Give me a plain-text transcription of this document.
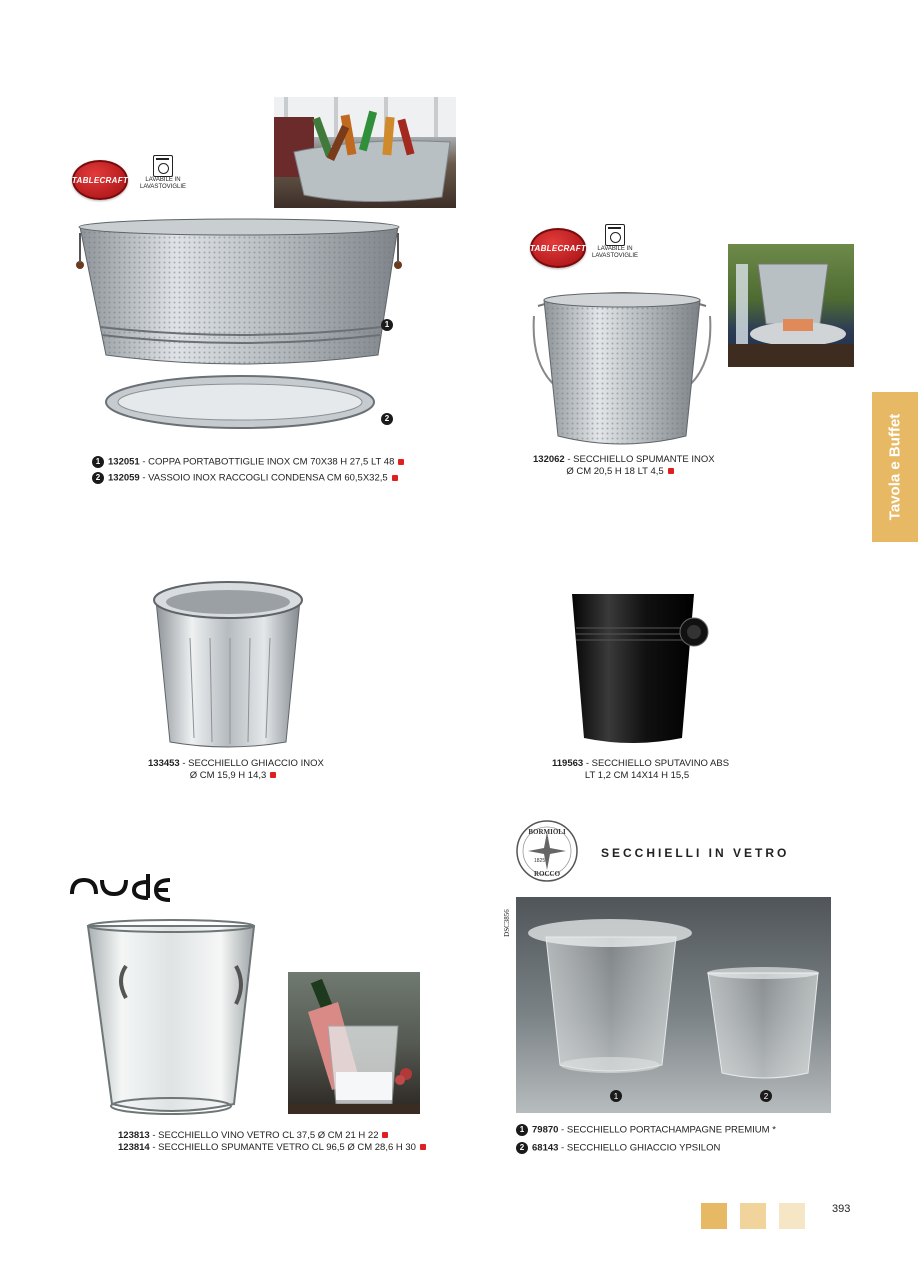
TABLECRAFT	LAVABILE IN LAVASTOVIGLIE
1
2
1 132051 - COPPA PORTABOTTIGLIE INOX CM 70X38 H 27,5 LT 48
2 132059 - VASSOIO INOX RACCOGLI CONDENSA CM 60,5X32,5
TABLECRAFT	LAVABILE IN LAVASTOVIGLIE
132062 - SECCHIELLO SPUMANTE INOX
Ø CM 20,5 H 18 LT 4,5	Tavola e Buffet
133453 - SECCHIELLO GHIACCIO INOX
Ø CM 15,9 H 14,3
119563 - SECCHIELLO SPUTAVINO ABS
LT 1,2 CM 14X14 H 15,5
123813 - SECCHIELLO VINO VETRO CL 37,5 Ø CM 21 H 22
123814 - SECCHIELLO SPUMANTE VETRO CL 96,5 Ø CM 28,6 H 30
BORMIOLI
ROCCO
1825
SECCHIELLI IN VETRO
DSC3856
1	2
1 79870 - SECCHIELLO PORTACHAMPAGNE PREMIUM *
2 68143 - SECCHIELLO GHIACCIO YPSILON
393
